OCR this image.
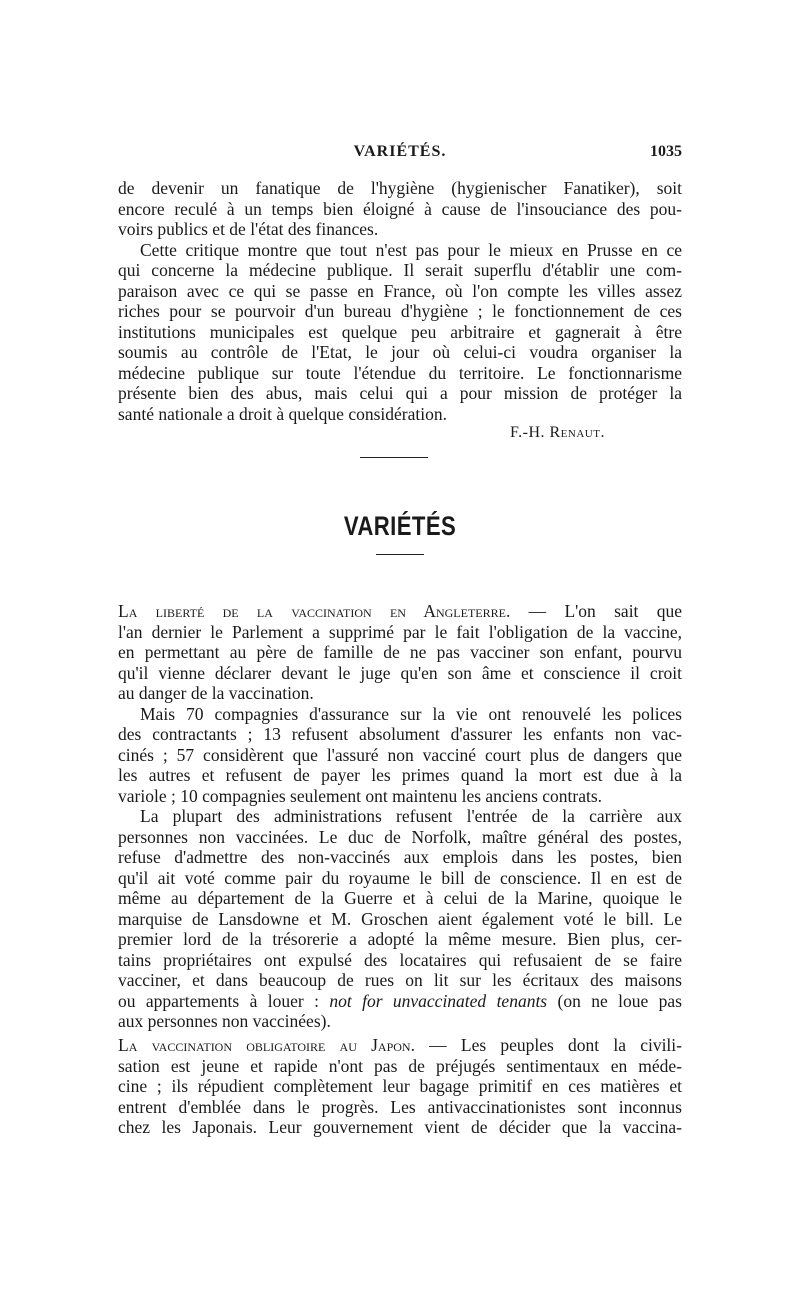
VARIÉTÉS.	1035
de devenir un fanatique de l'hygiène (hygienischer Fanatiker), soit
encore reculé à un temps bien éloigné à cause de l'insouciance des pou-
voirs publics et de l'état des finances.
Cette critique montre que tout n'est pas pour le mieux en Prusse en ce
qui concerne la médecine publique. Il serait superflu d'établir une com-
paraison avec ce qui se passe en France, où l'on compte les villes assez
riches pour se pourvoir d'un bureau d'hygiène ; le fonctionnement de ces
institutions municipales est quelque peu arbitraire et gagnerait à être
soumis au contrôle de l'Etat, le jour où celui-ci voudra organiser la
médecine publique sur toute l'étendue du territoire. Le fonctionnarisme
présente bien des abus, mais celui qui a pour mission de protéger la
santé nationale a droit à quelque considération.
F.-H. Renaut.
VARIÉTÉS
La liberté de la vaccination en Angleterre. — L'on sait que
l'an dernier le Parlement a supprimé par le fait l'obligation de la vaccine,
en permettant au père de famille de ne pas vacciner son enfant, pourvu
qu'il vienne déclarer devant le juge qu'en son âme et conscience il croit
au danger de la vaccination.
Mais 70 compagnies d'assurance sur la vie ont renouvelé les polices
des contractants ; 13 refusent absolument d'assurer les enfants non vac-
cinés ; 57 considèrent que l'assuré non vacciné court plus de dangers que
les autres et refusent de payer les primes quand la mort est due à la
variole ; 10 compagnies seulement ont maintenu les anciens contrats.
La plupart des administrations refusent l'entrée de la carrière aux
personnes non vaccinées. Le duc de Norfolk, maître général des postes,
refuse d'admettre des non-vaccinés aux emplois dans les postes, bien
qu'il ait voté comme pair du royaume le bill de conscience. Il en est de
même au département de la Guerre et à celui de la Marine, quoique le
marquise de Lansdowne et M. Groschen aient également voté le bill. Le
premier lord de la trésorerie a adopté la même mesure. Bien plus, cer-
tains propriétaires ont expulsé des locataires qui refusaient de se faire
vacciner, et dans beaucoup de rues on lit sur les écritaux des maisons
ou appartements à louer : not for unvaccinated tenants (on ne loue pas
aux personnes non vaccinées).
La vaccination obligatoire au Japon. — Les peuples dont la civili-
sation est jeune et rapide n'ont pas de préjugés sentimentaux en méde-
cine ; ils répudient complètement leur bagage primitif en ces matières et
entrent d'emblée dans le progrès. Les antivaccinationistes sont inconnus
chez les Japonais. Leur gouvernement vient de décider que la vaccina-
